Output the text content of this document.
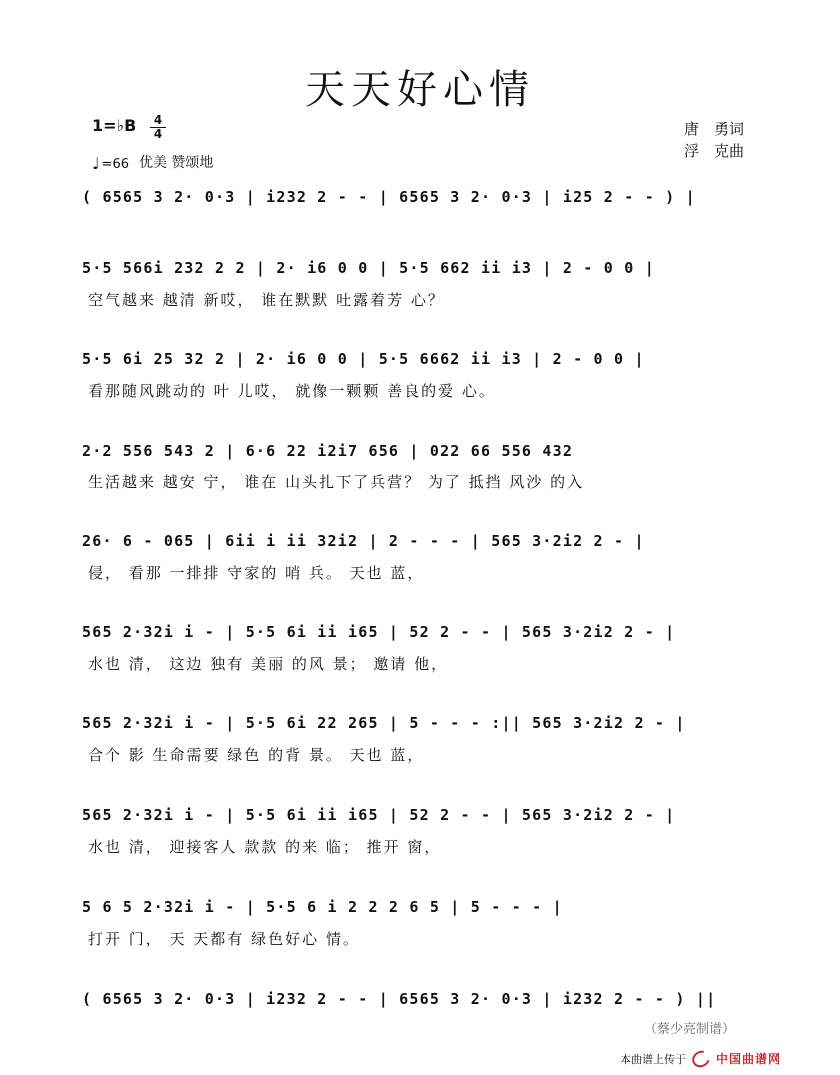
天天好心情
1=♭B	4
4
♩ =66 优美 赞颂地
唐　勇词
浮　克曲
( 6565 3 2· 0·3 | i232 2 - - | 6565 3 2· 0·3 | i25 2 - - ) |
5·5 566i 232 2 2 | 2· i6 0 0 | 5·5 662 ii i3 | 2 - 0 0 |
空气越来 越清 新哎， 谁在默默 吐露着芳 心？
5·5 6i 25 32 2 | 2· i6 0 0 | 5·5 6662 ii i3 | 2 - 0 0 |
看那随风跳动的 叶 儿哎， 就像一颗颗 善良的爱 心。
2·2 556 543 2 | 6·6 22 i2i7 656 | 022 66 556 432
生活越来 越安 宁， 谁在 山头扎下了兵营？ 为了 抵挡 风沙 的入
26· 6 - 065 | 6ii i ii 32i2 | 2 - - - | 565 3·2i2 2 - |
侵， 看那 一排排 守家的 哨 兵。 天也 蓝，
565 2·32i i - | 5·5 6i ii i65 | 52 2 - - | 565 3·2i2 2 - |
水也 清， 这边 独有 美丽 的风 景； 邀请 他，
565 2·32i i - | 5·5 6i 22 265 | 5 - - - :|| 565 3·2i2 2 - |
合个 影 生命需要 绿色 的背 景。 天也 蓝，
565 2·32i i - | 5·5 6i ii i65 | 52 2 - - | 565 3·2i2 2 - |
水也 清， 迎接客人 款款 的来 临； 推开 窗，
5 6 5 2·32i i - | 5·5 6 i 2 2 2 6 5 | 5 - - - |
打开 门， 天 天都有 绿色好心 情。
( 6565 3 2· 0·3 | i232 2 - - | 6565 3 2· 0·3 | i232 2 - - ) ||
（蔡少亮制谱）
本曲谱上传于	中国曲谱网
